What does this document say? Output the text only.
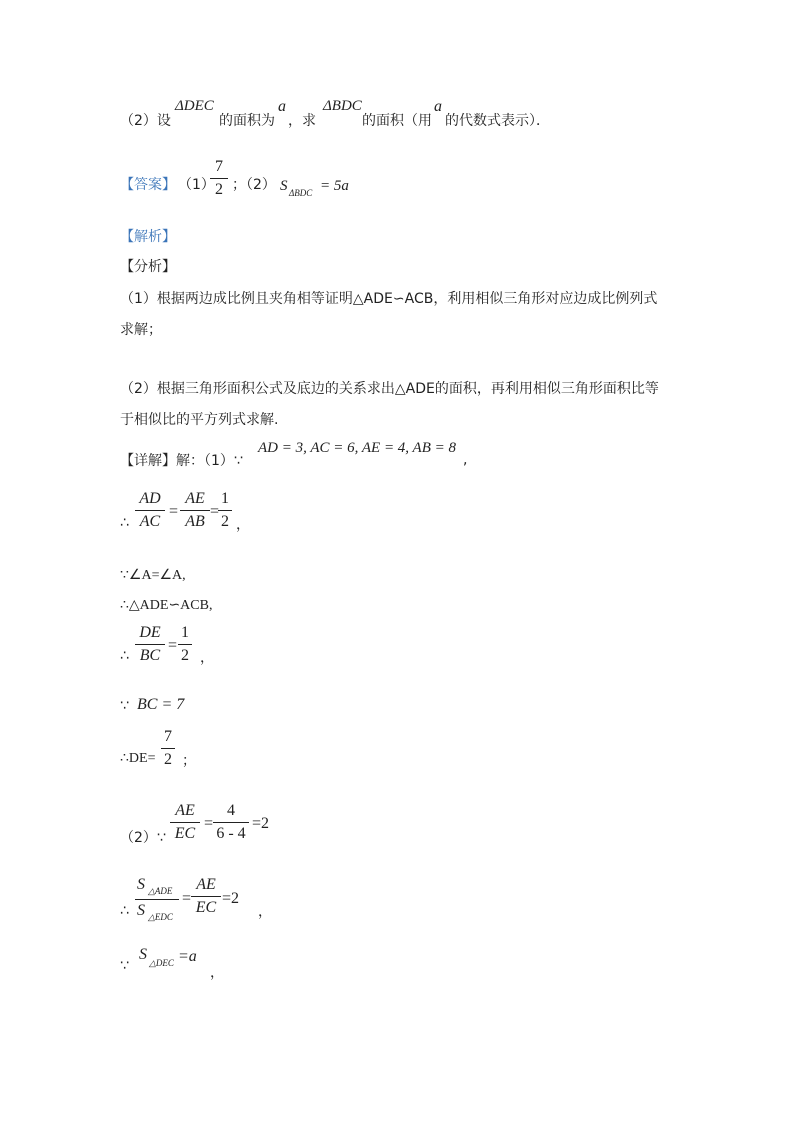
（2）设
ΔDEC
的面积为
a
，求
ΔBDC
的面积（用
a
的代数式表示）．
【答案】 （1）
7
2 ；（2） S ΔBDC = 5a
【解析】
【分析】
（1）根据两边成比例且夹角相等证明△ADE∽ACB，利用相似三角形对应边成比例列式
求解；
（2）根据三角形面积公式及底边的关系求出△ADE的面积，再利用相似三角形面积比等
于相似比的平方列式求解.
【详解】解：（1）∵
AD = 3, AC = 6, AE = 4, AB = 8
,
∴
AD
AC
=
AE
AB
=
1
2 ，
∵∠A=∠A,
∴△ADE∽ACB,
∴
DE
BC
=
1
2 ，
∵ BC = 7
∴DE=
7
2 ；
（2）∵
AE
EC
=
4
6 - 4
=2
∴
S △ADE
S △EDC
=
AE
EC
=2
，
∵
S △DEC =a
，
